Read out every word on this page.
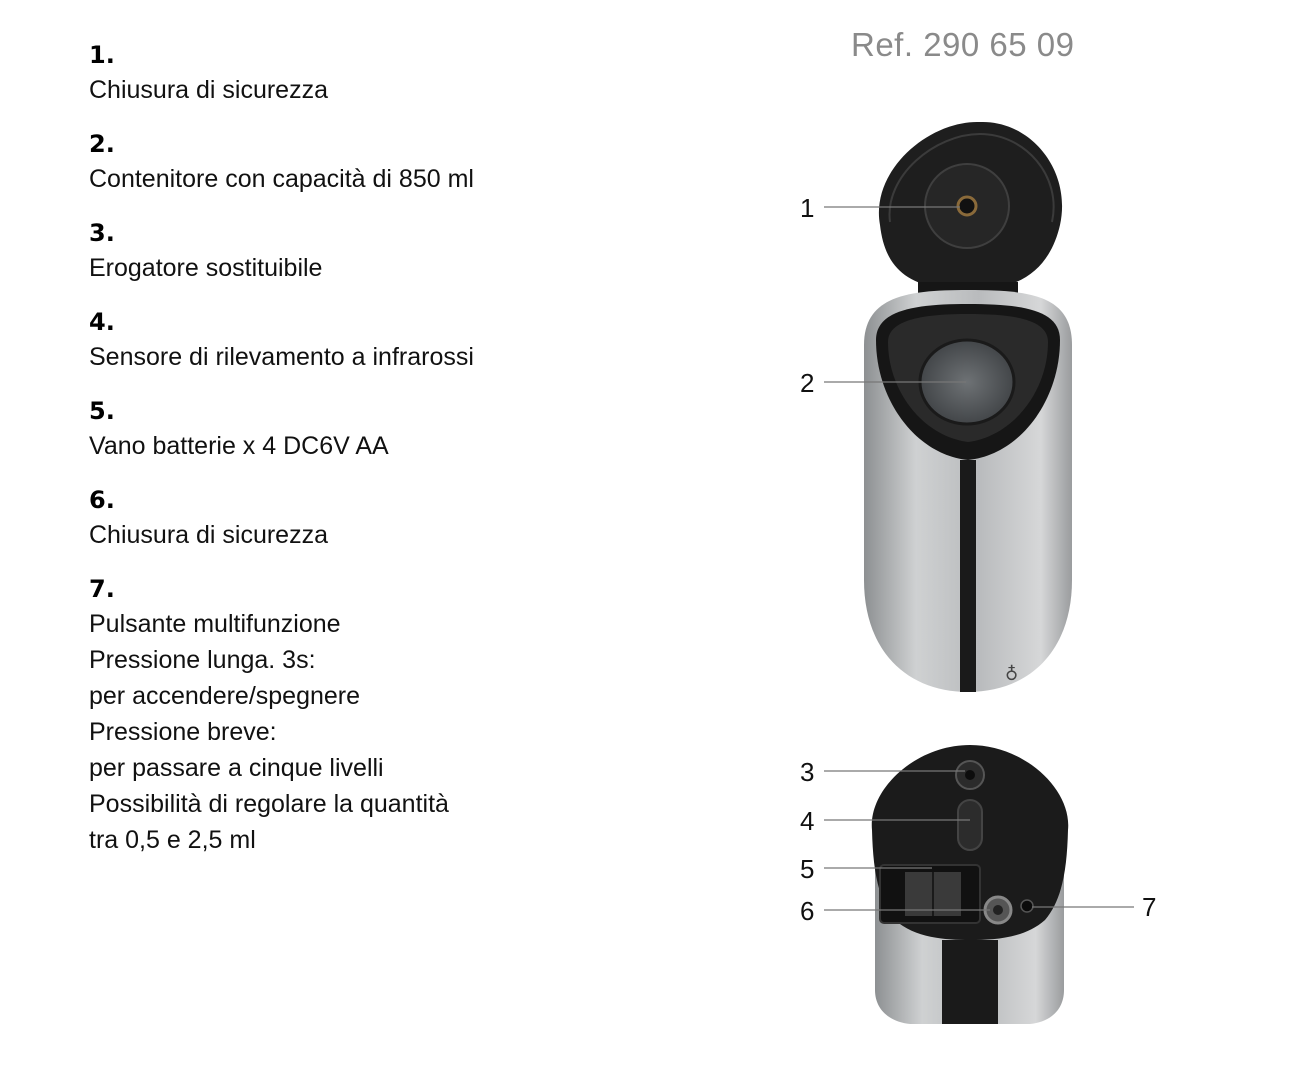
Ref. 290 65 09
1.
Chiusura di sicurezza
2.
Contenitore con capacità di 850 ml
3.
Erogatore sostituibile
4.
Sensore di rilevamento a infrarossi
5.
Vano batterie x 4 DC6V AA
6.
Chiusura di sicurezza
7.
Pulsante multifunzione
Pressione lunga. 3s:
per accendere/spegnere
Pressione breve:
per passare a cinque livelli
Possibilità di regolare la quantità
tra 0,5 e 2,5 ml
♁
1
2
3
4
5
6	7
